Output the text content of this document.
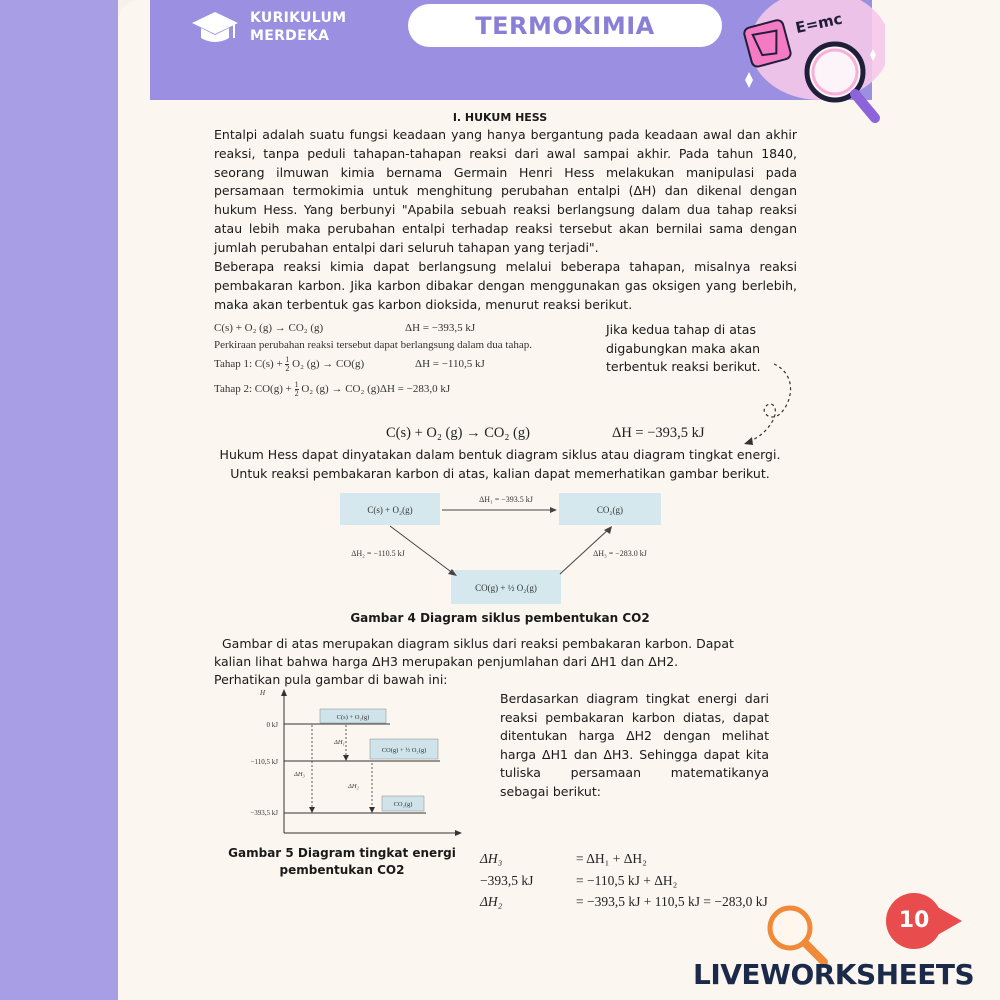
KURIKULUM
MERDEKA	TERMOKIMIA	E=mc
I. HUKUM HESS

Entalpi adalah suatu fungsi keadaan yang hanya bergantung pada keadaan awal dan akhir reaksi, tanpa peduli tahapan-tahapan reaksi dari awal sampai akhir. Pada tahun 1840, seorang ilmuwan kimia bernama Germain Henri Hess melakukan manipulasi pada persamaan termokimia untuk menghitung perubahan entalpi (ΔH) dan dikenal dengan hukum Hess. Yang berbunyi "Apabila sebuah reaksi berlangsung dalam dua tahap reaksi atau lebih maka perubahan entalpi terhadap reaksi tersebut akan bernilai sama dengan jumlah perubahan entalpi dari seluruh tahapan yang terjadi".

Beberapa reaksi kimia dapat berlangsung melalui beberapa tahapan, misalnya reaksi pembakaran karbon. Jika karbon dibakar dengan menggunakan gas oksigen yang berlebih, maka akan terbentuk gas karbon dioksida, menurut reaksi berikut.

C(s) + O₂ (g) → CO₂ (g)	ΔH = −393,5 kJ
Perkiraan perubahan reaksi tersebut dapat berlangsung dalam dua tahap.
Tahap 1: $C(s) + \frac{1}{2} O_2$ (g) → CO(g)	ΔH = −110,5 kJ
Tahap 2: $CO(g) + \frac{1}{2} O_2$ (g) → CO₂ (g)ΔH = −283,0 kJ
Jika kedua tahap di atas digabungkan maka akan terbentuk reaksi berikut.
C(s) + O₂ (g) → CO₂ (g)	ΔH = −393,5 kJ
Hukum Hess dapat dinyatakan dalam bentuk diagram siklus atau diagram tingkat energi.
Untuk reaksi pembakaran karbon di atas, kalian dapat memerhatikan gambar berikut.
C(s) + O₂(g)	CO₂(g)
CO(g) + ½ O₂(g)
ΔH₁ = −393.5 kJ
ΔH₂ = −110.5 kJ	ΔH₃ = −283.0 kJ
Gambar 4 Diagram siklus pembentukan CO2
Gambar di atas merupakan diagram siklus dari reaksi pembakaran karbon. Dapat
kalian lihat bahwa harga ΔH3 merupakan penjumlahan dari ΔH1 dan ΔH2.
Perhatikan pula gambar di bawah ini:
H
0 kJ
−110,5 kJ
−393,5 kJ
C(s) + O₂(g)
CO(g) + ½ O₂(g)
CO₂(g)
ΔH₁
ΔH₃
ΔH₂
Gambar 5 Diagram tingkat energi
pembentukan CO2

Berdasarkan diagram tingkat energi dari reaksi pembakaran karbon diatas, dapat ditentukan harga ΔH2 dengan melihat harga ΔH1 dan ΔH3. Sehingga dapat kita tuliska persamaan matematikanya sebagai berikut:

ΔH₃	= ΔH₁ + ΔH₂
−393,5 kJ	= −110,5 kJ + ΔH₂
ΔH₂	= −393,5 kJ + 110,5 kJ = −283,0 kJ
10
LIVEWORKSHEETS
